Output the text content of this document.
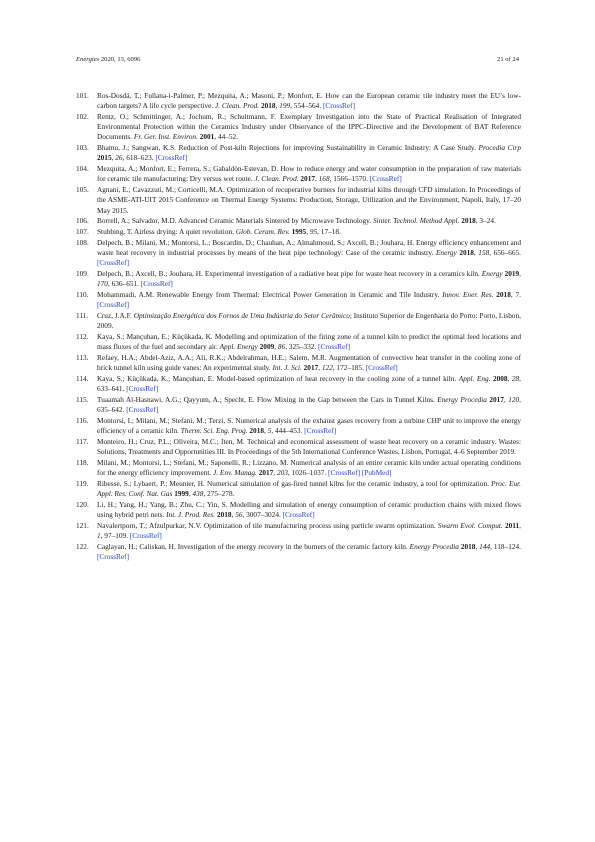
Energies 2020, 13, 6096	21 of 24
101. Ros-Dosdá, T.; Fullana-i-Palmer, P.; Mezquita, A.; Masoni, P.; Monfort, E. How can the European ceramic tile industry meet the EU’s low-carbon targets? A life cycle perspective. J. Clean. Prod. 2018, 199, 554–564. [CrossRef]
102. Rentz, O.; Schmittinger, A.; Jochum, R.; Schultmann, F. Exemplary Investigation into the State of Practical Realisation of Integrated Environmental Protection within the Ceramics Industry under Observance of the IPPC-Directive and the Development of BAT Reference Documents. Fr. Ger. Inst. Environ. 2001, 44–52.
103. Bhamu, J.; Sangwan, K.S. Reduction of Post-kiln Rejections for improving Sustainability in Ceramic Industry: A Case Study. Procedia Cirp 2015, 26, 618–623. [CrossRef]
104. Mezquita, A.; Monfort, E.; Ferrera, S.; Gabaldón-Estevan, D. How to reduce energy and water consumption in the preparation of raw materials for ceramic tile manufacturing: Dry versus wet route. J. Clean. Prod. 2017, 168, 1566–1570. [CrossRef]
105. Agnani, E.; Cavazzuti, M.; Corticelli, M.A. Optimization of recuperative burners for industrial kilns through CFD simulation. In Proceedings of the ASME-ATI-UIT 2015 Conference on Thermal Energy Systems: Production, Storage, Utilization and the Environment, Napoli, Italy, 17–20 May 2015.
106. Borrell, A.; Salvador, M.D. Advanced Ceramic Materials Sintered by Microwave Technology. Sinter. Technol. Method Appl. 2018, 3–24.
107. Stubbing, T. Airless drying: A quiet revolution. Glob. Ceram. Rev. 1995, 95, 17–18.
108. Delpech, B.; Milani, M.; Montorsi, L.; Boscardin, D.; Chauhan, A.; Almahmoud, S.; Axcell, B.; Jouhara, H. Energy efficiency enhancement and waste heat recovery in industrial processes by means of the heat pipe technology: Case of the ceramic industry. Energy 2018, 158, 656–665. [CrossRef]
109. Delpech, B.; Axcell, B.; Jouhara, H. Experimental investigation of a radiative heat pipe for waste heat recovery in a ceramics kiln. Energy 2019, 170, 636–651. [CrossRef]
110. Mohammadi, A.M. Renewable Energy from Thermal: Electrical Power Generation in Ceramic and Tile Industry. Innov. Ener. Res. 2018, 7. [CrossRef]
111. Cruz, J.A.F. Optimização Energética dos Fornos de Uma Indústria do Setor Cerâmico; Instituto Superior de Engenharia do Porto: Porto, Lisbon, 2009.
112. Kaya, S.; Mançuhan, E.; Küçükada, K. Modelling and optimization of the firing zone of a tunnel kiln to predict the optimal feed locations and mass fluxes of the fuel and secondary air. Appl. Energy 2009, 86, 325–332. [CrossRef]
113. Refaey, H.A.; Abdel-Aziz, A.A.; Ali, R.K.; Abdelrahman, H.E.; Salem, M.R. Augmentation of convective heat transfer in the cooling zone of brick tunnel kiln using guide vanes: An experimental study. Int. J. Sci. 2017, 122, 172–185. [CrossRef]
114. Kaya, S.; Küçükada, K.; Mançuhan, E. Model-based optimization of heat recovery in the cooling zone of a tunnel kiln. Appl. Eng. 2008, 28, 633–641. [CrossRef]
115. Tuaamah Al-Hasnawi, A.G.; Qayyum, A.; Specht, E. Flow Mixing in the Gap between the Cars in Tunnel Kilns. Energy Procedia 2017, 120, 635–642. [CrossRef]
116. Montorsi, I.; Milani, M.; Stefani, M.; Terzi, S. Numerical analysis of the exhaust gases recovery from a turbine CHP unit to improve the energy efficiency of a ceramic kiln. Therm. Sci. Eng. Prog. 2018, 5, 444–453. [CrossRef]
117. Monteiro, H.; Cruz, P.L.; Oliveira, M.C.; Iten, M. Technical and economical assessment of waste heat recovery on a ceramic industry. Wastes: Solutions, Treatments and Opportunities III. In Proceedings of the 5th International Conference Wastes, Lisbon, Portugal, 4–6 September 2019.
118. Milani, M.; Montorsi, L.; Stefani, M.; Saponelli, R.; Lizzano, M. Numerical analysis of an entire ceramic kiln under actual operating conditions for the energy efficiency improvement. J. Env. Manag. 2017, 203, 1026–1037. [CrossRef] [PubMed]
119. Ribesse, S.; Lybaert, P.; Meunier, H. Numerical simulation of gas-fired tunnel kilns for the ceramic industry, a tool for optimization. Proc. Eur. Appl. Res. Conf. Nat. Gas 1999, 438, 275–278.
120. Li, H.; Yang, H.; Yang, B.; Zhu, C.; Yin, S. Modelling and simulation of energy consumption of ceramic production chains with mixed flows using hybrid petri nets. Int. J. Prod. Res. 2018, 56, 3007–3024. [CrossRef]
121. Navalertporn, T.; Afzulpurkar, N.V. Optimization of tile manufacturing process using particle swarm optimization. Swarm Evol. Comput. 2011, 1, 97–109. [CrossRef]
122. Caglayan, H.; Caliskan, H. Investigation of the energy recovery in the burners of the ceramic factory kiln. Energy Procedia 2018, 144, 118–124. [CrossRef]
